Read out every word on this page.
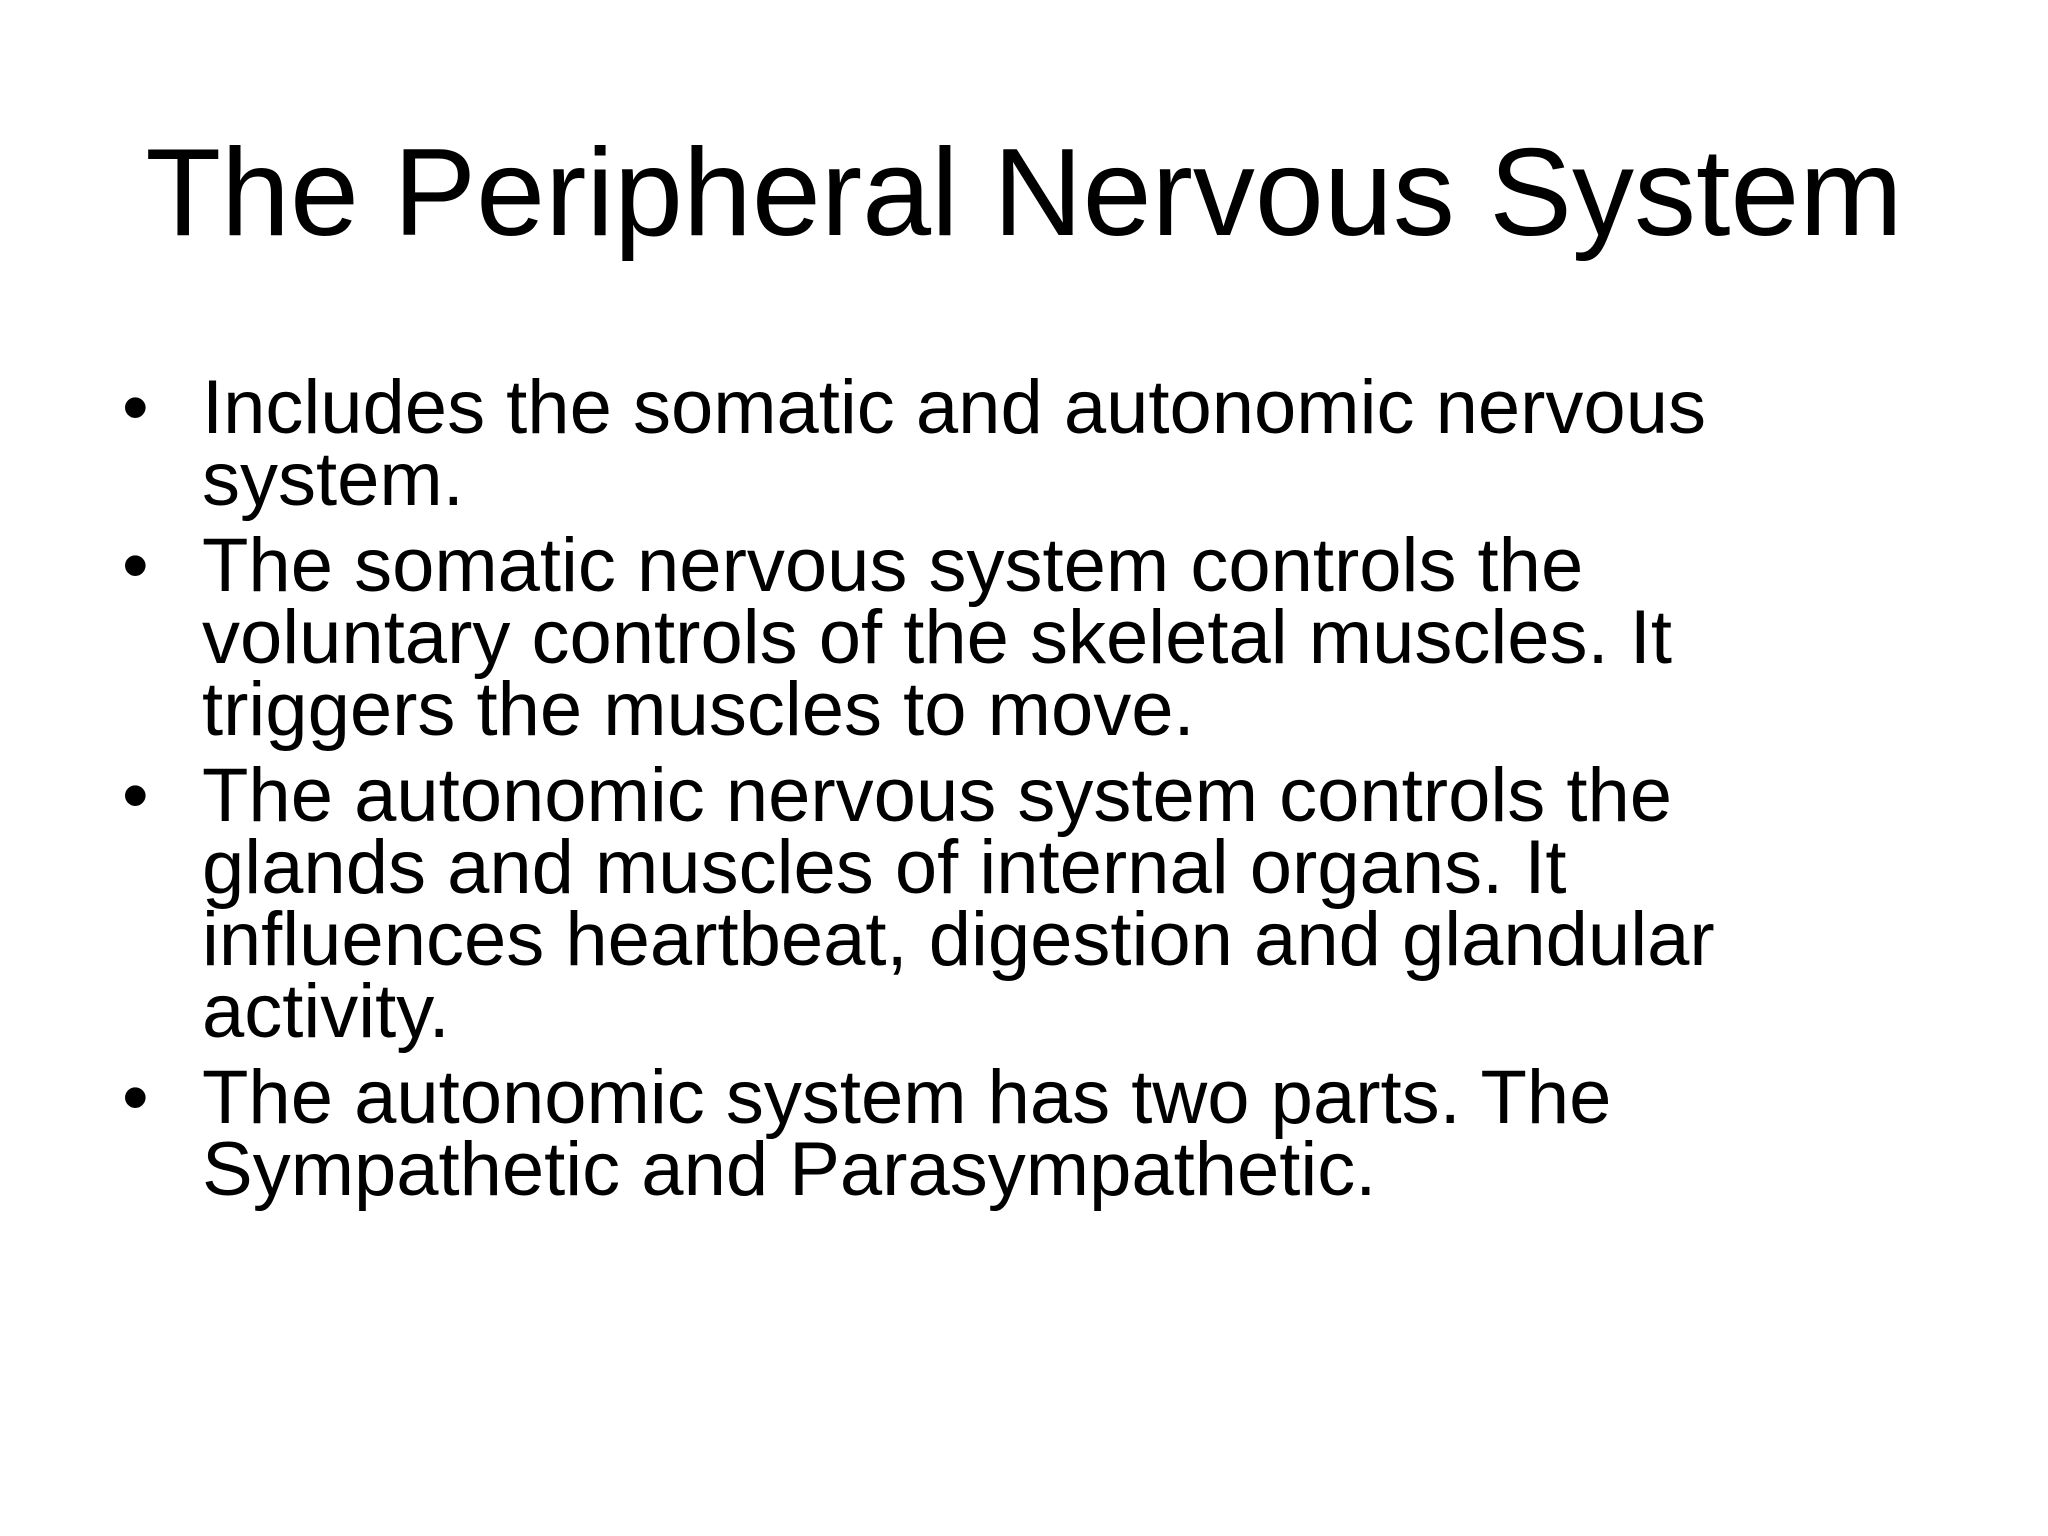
The Peripheral Nervous System
• Includes the somatic and autonomic nervous
system.
• The somatic nervous system controls the
voluntary controls of the skeletal muscles. It
triggers the muscles to move.
• The autonomic nervous system controls the
glands and muscles of internal organs. It
influences heartbeat, digestion and glandular
activity.
• The autonomic system has two parts. The
Sympathetic and Parasympathetic.
